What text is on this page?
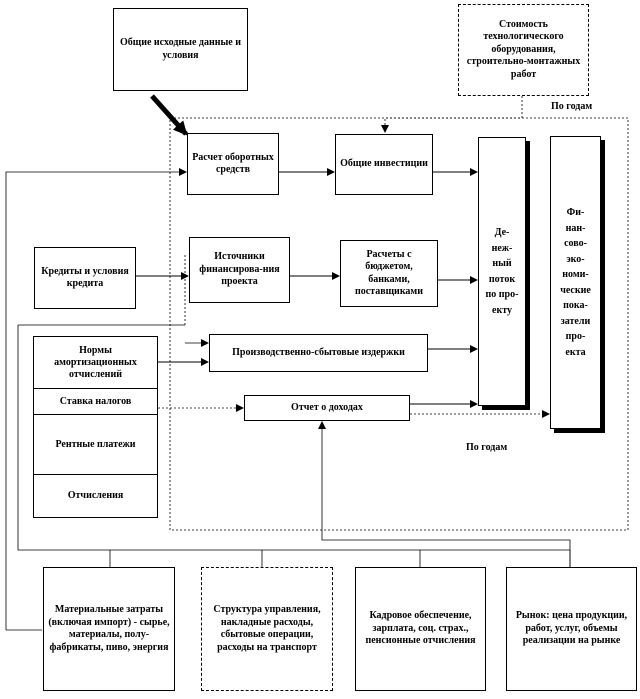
Общие исходные данные и условия
Стоимость технологического оборудования, строительно-монтажных работ
По годам
Расчет оборотных средств
Общие инвестиции
Де-
неж-
ный
поток
по про-
екту
Фи-
нан-
сово-
эко-
номи-
ческие
пока-
затели
про-
екта
Кредиты и условия кредита
Источники финансирова-ния проекта
Расчеты с бюджетом, банками, поставщиками
Производственно-сбытовые издержки
Отчет о доходах
По годам
Нормы амортизационных отчислений
Ставка налогов
Рентные платежи
Отчисления
Материальные затраты (включая импорт) - сырье, материалы, полу-фабрикаты, пиво, энергия
Структура управления, накладные расходы, сбытовые операции, расходы на транспорт
Кадровое обеспечение, зарплата, соц. страх., пенсионные отчисления
Рынок: цена продукции, работ, услуг, объемы реализации на рынке
